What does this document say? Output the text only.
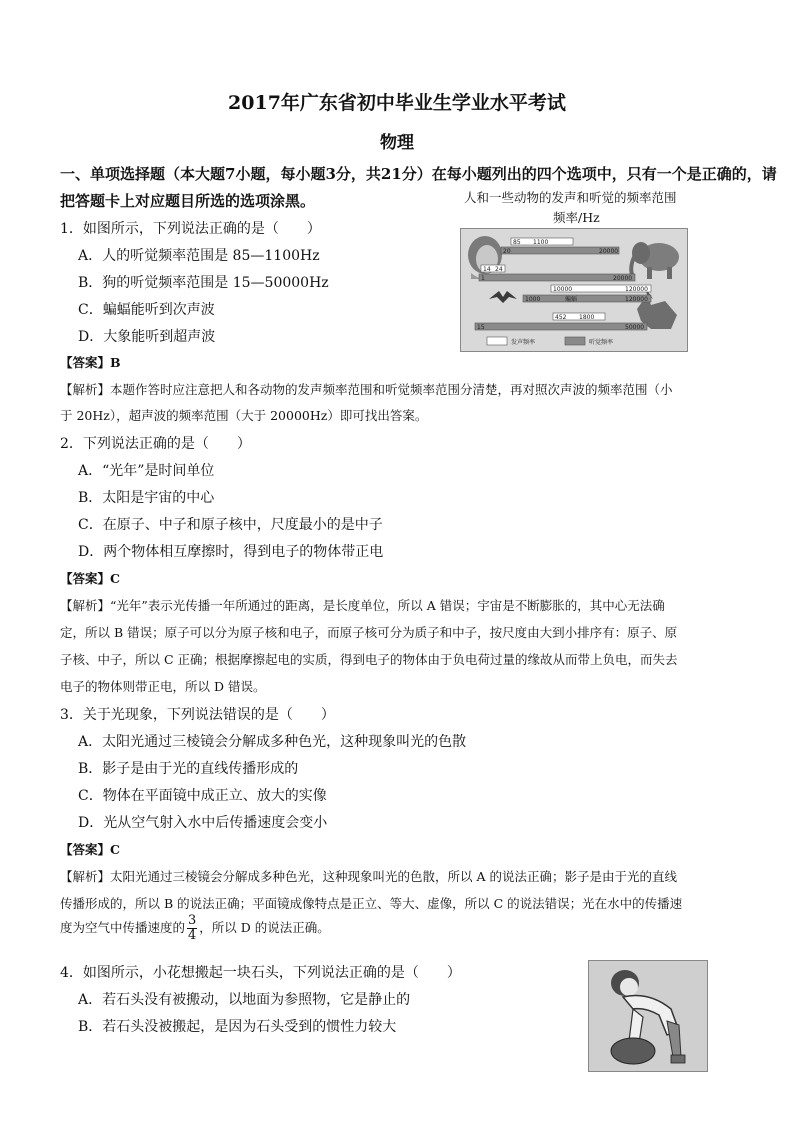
2017年广东省初中毕业生学业水平考试
物理
一、单项选择题（本大题7小题，每小题3分，共21分）在每小题列出的四个选项中，只有一个是正确的，请
把答题卡上对应题目所选的选项涂黑。	人和一些动物的发声和听觉的频率范围
频率/Hz
85 1100
20	20000
14 24
1	20000
10000	120000
1000	蝙蝠	120000
452 1800
15	50000
发声频率	听觉频率
1．如图所示，下列说法正确的是（　　）
A．人的听觉频率范围是 85—1100Hz
B．狗的听觉频率范围是 15—50000Hz
C．蝙蝠能听到次声波
D．大象能听到超声波
【答案】B
【解析】本题作答时应注意把人和各动物的发声频率范围和听觉频率范围分清楚，再对照次声波的频率范围（小
于 20Hz），超声波的频率范围（大于 20000Hz）即可找出答案。
2．下列说法正确的是（　　）
A．“光年”是时间单位
B．太阳是宇宙的中心
C．在原子、中子和原子核中，尺度最小的是中子
D．两个物体相互摩擦时，得到电子的物体带正电
【答案】C
【解析】“光年”表示光传播一年所通过的距离，是长度单位，所以 A 错误；宇宙是不断膨胀的，其中心无法确
定，所以 B 错误；原子可以分为原子核和电子，而原子核可分为质子和中子，按尺度由大到小排序有：原子、原
子核、中子，所以 C 正确；根据摩擦起电的实质，得到电子的物体由于负电荷过量的缘故从而带上负电，而失去
电子的物体则带正电，所以 D 错误。
3．关于光现象，下列说法错误的是（　　）
A．太阳光通过三棱镜会分解成多种色光，这种现象叫光的色散
B．影子是由于光的直线传播形成的
C．物体在平面镜中成正立、放大的实像
D．光从空气射入水中后传播速度会变小
【答案】C
【解析】太阳光通过三棱镜会分解成多种色光，这种现象叫光的色散，所以 A 的说法正确；影子是由于光的直线
传播形成的，所以 B 的说法正确；平面镜成像特点是正立、等大、虚像，所以 C 的说法错误；光在水中的传播速
度为空气中传播速度的 $\frac{3}{4}$ ，所以 D 的说法正确。
4．如图所示，小花想搬起一块石头，下列说法正确的是（　　）
A．若石头没有被搬动，以地面为参照物，它是静止的
B．若石头没被搬起，是因为石头受到的惯性力较大
